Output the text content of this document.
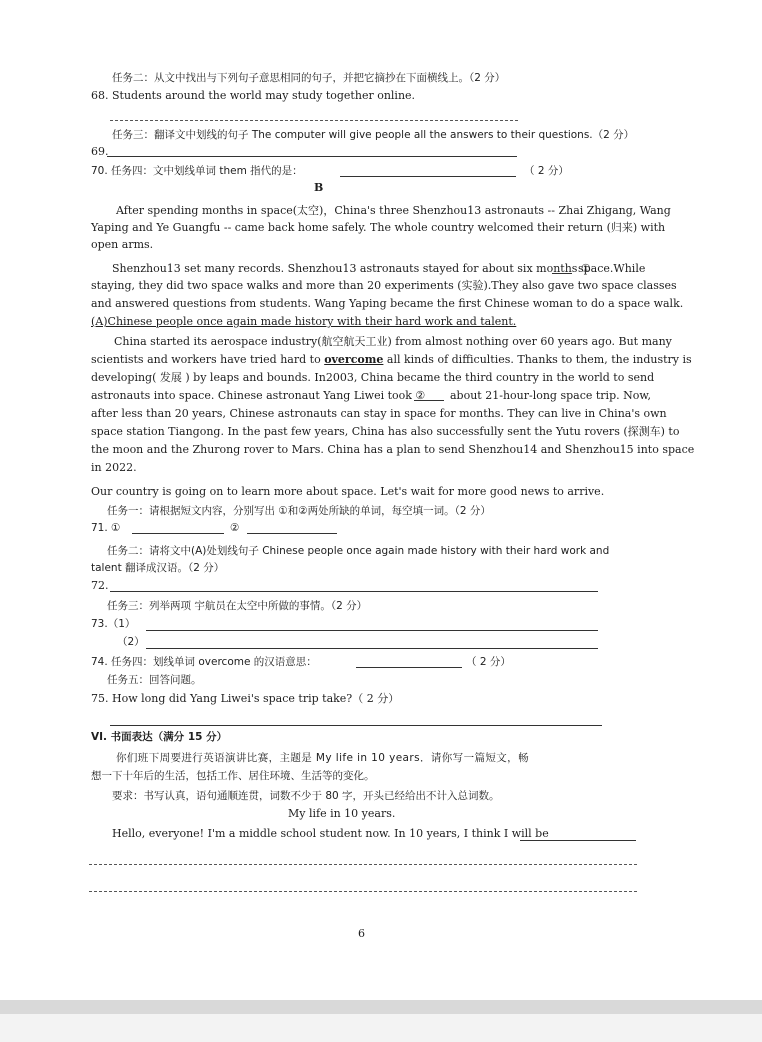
任务二：从文中找出与下列句子意思相同的句子，并把它摘抄在下面横线上。（2 分）
68. Students around the world may study together online.
任务三：翻译文中划线的句子 The computer will give people all the answers to their questions.（2 分）
69.
70. 任务四：文中划线单词 them 指代的是：	（ 2 分）
B
After spending months in space(太空)，China's three Shenzhou13 astronauts -- Zhai Zhigang, Wang
Yaping and Ye Guangfu -- came back home safely. The whole country welcomed their return (归来) with
open arms.
Shenzhou13 set many records. Shenzhou13 astronauts stayed for about six months ①
space.While
staying, they did two space walks and more than 20 experiments (实验).They also gave two space classes
and answered questions from students. Wang Yaping became the first Chinese woman to do a space walk.
(A)Chinese people once again made history with their hard work and talent.
China started its aerospace industry(航空航天工业) from almost nothing over 60 years ago. But many
scientists and workers have tried hard to overcome all kinds of difficulties. Thanks to them, the industry is
developing( 发展 ) by leaps and bounds. In2003, China became the third country in the world to send
astronauts into space. Chinese astronaut Yang Liwei took ② about 21-hour-long space trip. Now,
after less than 20 years, Chinese astronauts can stay in space for months. They can live in China's own
space station Tiangong. In the past few years, China has also successfully sent the Yutu rovers (探测车) to
the moon and the Zhurong rover to Mars. China has a plan to send Shenzhou14 and Shenzhou15 into space
in 2022.
Our country is going on to learn more about space. Let's wait for more good news to arrive.
任务一：请根据短文内容，分别写出 ①和②两处所缺的单词，每空填一词。（2 分）
71. ①	②
任务二：请将文中(A)处划线句子 Chinese people once again made history with their hard work and
talent 翻译成汉语。（2 分）
72.
任务三：列举两项 宇航员在太空中所做的事情。（2 分）
73.（1）
（2）
74. 任务四：划线单词 overcome 的汉语意思：	（ 2 分）
任务五：回答问题。
75. How long did Yang Liwei's space trip take?（ 2 分）
VI. 书面表达（满分 15 分）
你们班下周要进行英语演讲比赛，主题是 My life in 10 years．请你写一篇短文，畅
想一下十年后的生活，包括工作、居住环境、生活等的变化。
要求：书写认真，语句通顺连贯，词数不少于 80 字，开头已经给出不计入总词数。
My life in 10 years.
Hello, everyone! I'm a middle school student now. In 10 years, I think I will be
6
